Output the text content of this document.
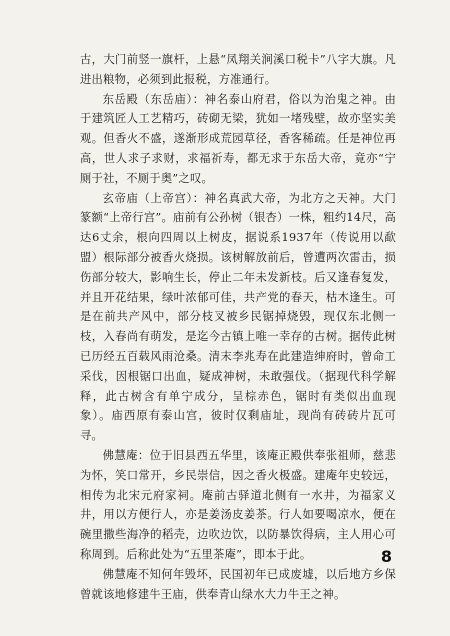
古，大门前竖一旗杆，上悬“凤翔关涧溪口税卡”八字大旗。凡进出粮物，必须到此报税，方准通行。

东岳殿（东岳庙）：神名泰山府君，俗以为治鬼之神。由于建筑匠人工艺精巧，砖砌无梁，犹如一堵残壁，故亦坚实美观。但香火不盛，遂渐形成荒园草径，香客稀疏。任是神位再高，世人求子求财，求福祈寿，都无求于东岳大帝，竟亦“宁厕于社，不厕于奥”之叹。

玄帝庙（上帝宫）：神名真武大帝，为北方之天神。大门篆额“上帝行宫”。庙前有公孙树（银杏）一株，粗约14尺，高达6丈余，根向四周以上树皮，据说系1937年（传说用以歃盟）根际部分被香火烧损。该树解放前后，曾遭两次雷击，损伤部分较大，影响生长，停止二年未发新枝。后又逢春复发，并且开花结果，绿叶浓郁可佳，共产党的春天，枯木逢生。可是在前共产风中，部分枝叉被乡民锯掉烧毁，现仅东北侧一枝，入春尚有萌发，是迄今古镇上唯一幸存的古树。据传此树已历经五百载风雨沧桑。清末李兆寿在此建造绅府时，曾命工采伐，因根锯口出血，疑成神树，未敢强伐。（据现代科学解释，此古树含有单宁成分，呈棕赤色，锯时有类似出血现象）。庙西原有泰山宫，彼时仅剩庙址，现尚有砖砖片瓦可寻。

佛慧庵：位于旧县西五华里，该庵正殿供奉张祖师，慈悲为怀，笑口常开，乡民崇信，因之香火极盛。建庵年史较远，相传为北宋元府家祠。庵前古驿道北侧有一水井，为福家义井，用以方便行人，亦是姜汤皮姜茶。行人如要喝凉水，便在碗里撒些海净的稻壳，边吹边饮，以防暴饮得病，主人用心可称周到。后称此处为“五里茶庵”，即本于此。

佛慧庵不知何年毁坏，民国初年已成废墟，以后地方乡保曾就该地修建牛王庙，供奉青山绿水大力牛王之神。

8
